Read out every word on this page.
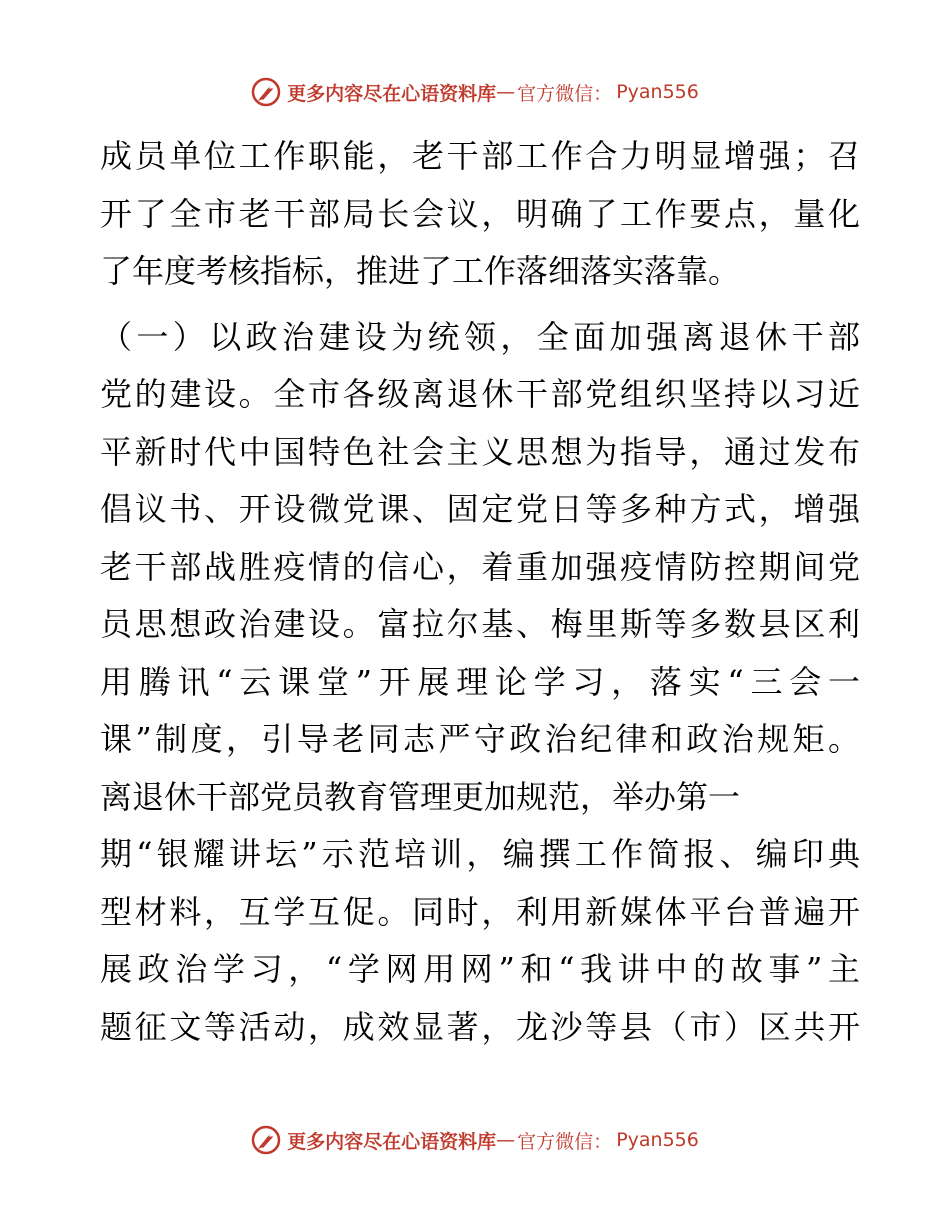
更多内容尽在心语资料库 — 官方微信： Pyan556
成员单位工作职能，老干部工作合力明显增强；召
开了全市老干部局长会议，明确了工作要点，量化
了年度考核指标，推进了工作落细落实落靠。
（一）以政治建设为统领，全面加强离退休干部
党的建设。全市各级离退休干部党组织坚持以习近
平新时代中国特色社会主义思想为指导，通过发布
倡议书、开设微党课、固定党日等多种方式，增强
老干部战胜疫情的信心，着重加强疫情防控期间党
员思想政治建设。富拉尔基、梅里斯等多数县区利
用腾讯“云课堂”开展理论学习，落实“三会一
课”制度，引导老同志严守政治纪律和政治规矩。
离退休干部党员教育管理更加规范，举办第一
期“银耀讲坛”示范培训，编撰工作简报、编印典
型材料，互学互促。同时，利用新媒体平台普遍开
展政治学习，“学网用网”和“我讲中的故事”主
题征文等活动，成效显著，龙沙等县（市）区共开
更多内容尽在心语资料库 — 官方微信： Pyan556
